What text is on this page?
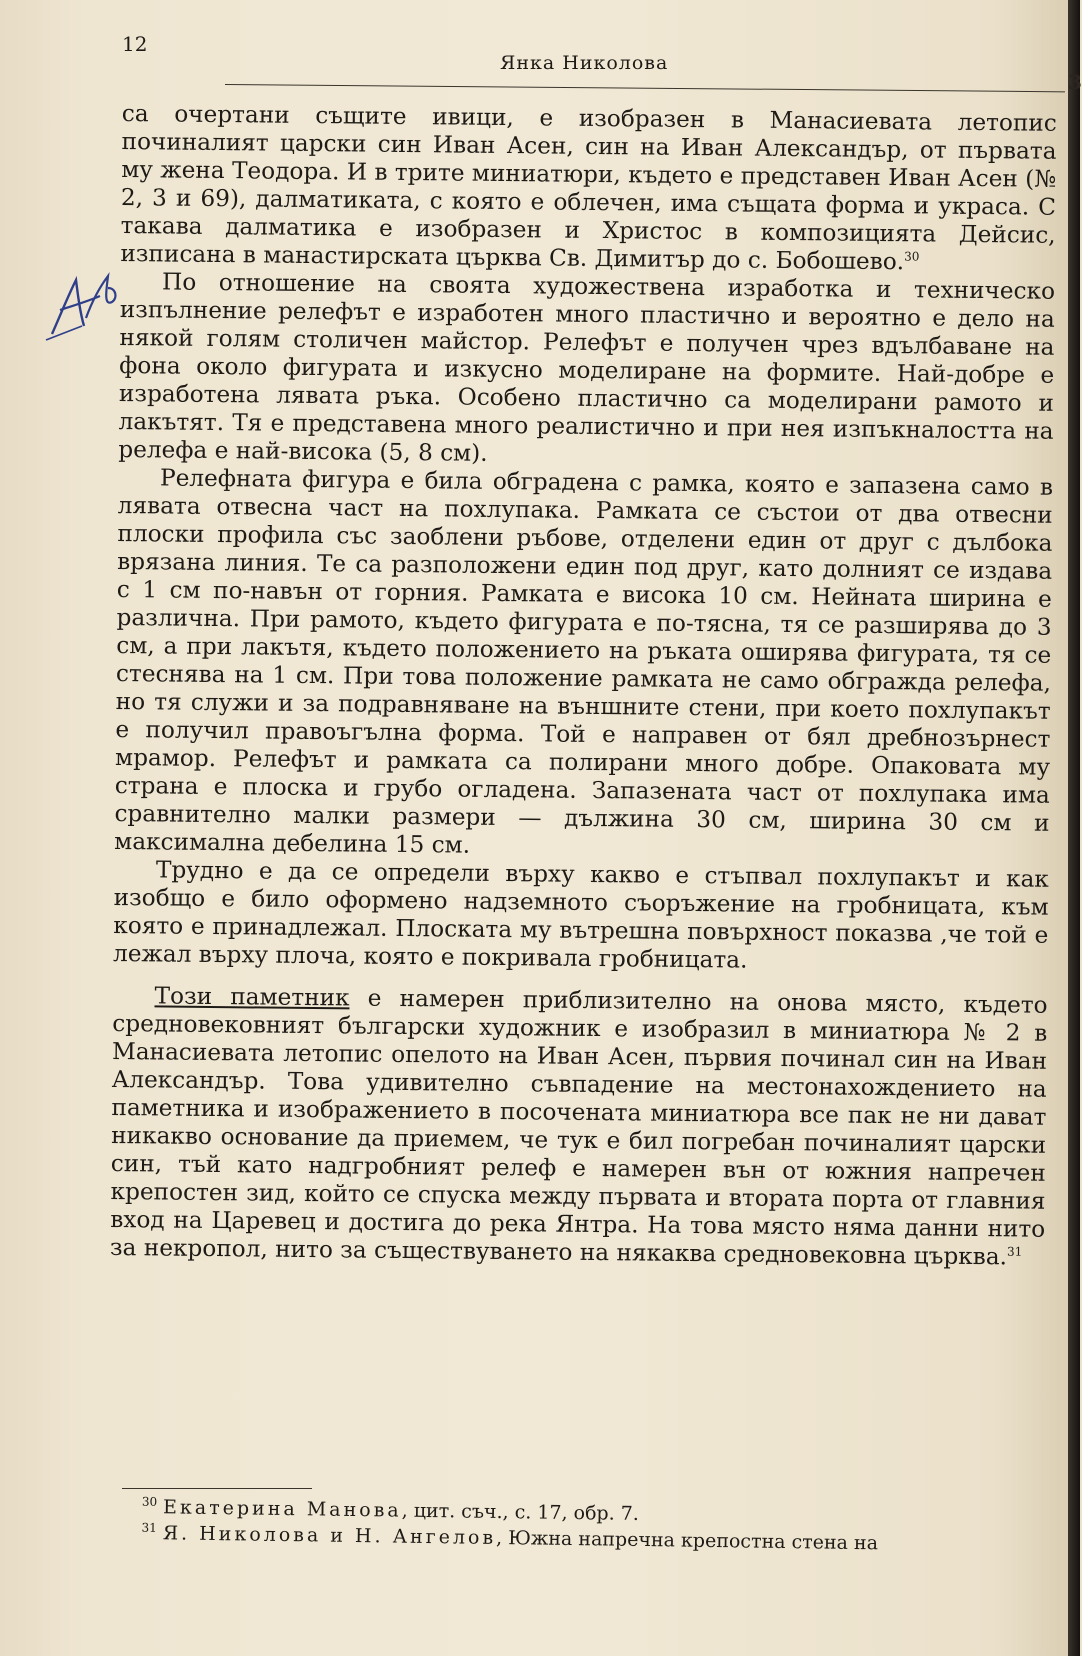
3
12
Янка Николова

са очертани същите ивици, е изобразен в Манасиевата летопис починалият царски син Иван Асен, син на Иван Александър, от първата му жена Теодора. И в трите миниатюри, където е представен Иван Асен (№ 2, 3 и 69), далматиката, с която е облечен, има същата форма и украса. С такава далматика е изобразен и Христос в композицията Дейсис, изписана в манастирската църква Св. Димитър до с. Бобошево.$^{30}$

По отношение на своята художествена изработка и техническо изпълнение релефът е изработен много пластично и вероятно е дело на някой голям столичен майстор. Релефът е получен чрез вдълбаване на фона около фигурата и изкусно моделиране на формите. Най-добре е изработена лявата ръка. Особено пластично са моделирани рамото и лакътят. Тя е представена много реалистично и при нея изпъкналостта на релефа е най-висока (5, 8 см).

Релефната фигура е била обградена с рамка, която е запазена само в лявата отвесна част на похлупака. Рамката се състои от два отвесни плоски профила със заоблени ръбове, отделени един от друг с дълбока врязана линия. Те са разположени един под друг, като долният се издава с 1 см по-навън от горния. Рамката е висока 10 см. Нейната ширина е различна. При рамото, където фигурата е по-тясна, тя се разширява до 3 см, а при лакътя, където положението на ръката оширява фигурата, тя се стеснява на 1 см. При това положение рамката не само обгражда релефа, но тя служи и за подравняване на външните стени, при което похлупакът е получил правоъгълна форма. Той е направен от бял дребнозърнест мрамор. Релефът и рамката са полирани много добре. Опаковата му страна е плоска и грубо огладена. Запазената част от похлупака има сравнително малки размери — дължина 30 см, ширина 30 см и максимална дебелина 15 см.

Трудно е да се определи върху какво е стъпвал похлупакът и как изобщо е било оформено надземното съоръжение на гробницата, към която е принадлежал. Плоската му вътрешна повърхност показва ,че той е лежал върху плоча, която е покривала гробницата.

Този паметник е намерен приблизително на онова място, където средновековният български художник е изобразил в миниатюра № 2 в Манасиевата летопис опелото на Иван Асен, първия починал син на Иван Александър. Това удивително съвпадение на местонахождението на паметника и изображението в посочената миниатюра все пак не ни дават никакво основание да приемем, че тук е бил погребан починалият царски син, тъй като надгробният релеф е намерен вън от южния напречен крепостен зид, който се спуска между първата и втората порта от главния вход на Царевец и достига до река Янтра. На това място няма данни нито за некропол, нито за съществуването на някаква средновековна църква.$^{31}$

$^{30}$ Екатерина Манова, цит. съч., с. 17, обр. 7.
$^{31}$ Я. Николова и Н. Ангелов, Южна напречна крепостна стена на
